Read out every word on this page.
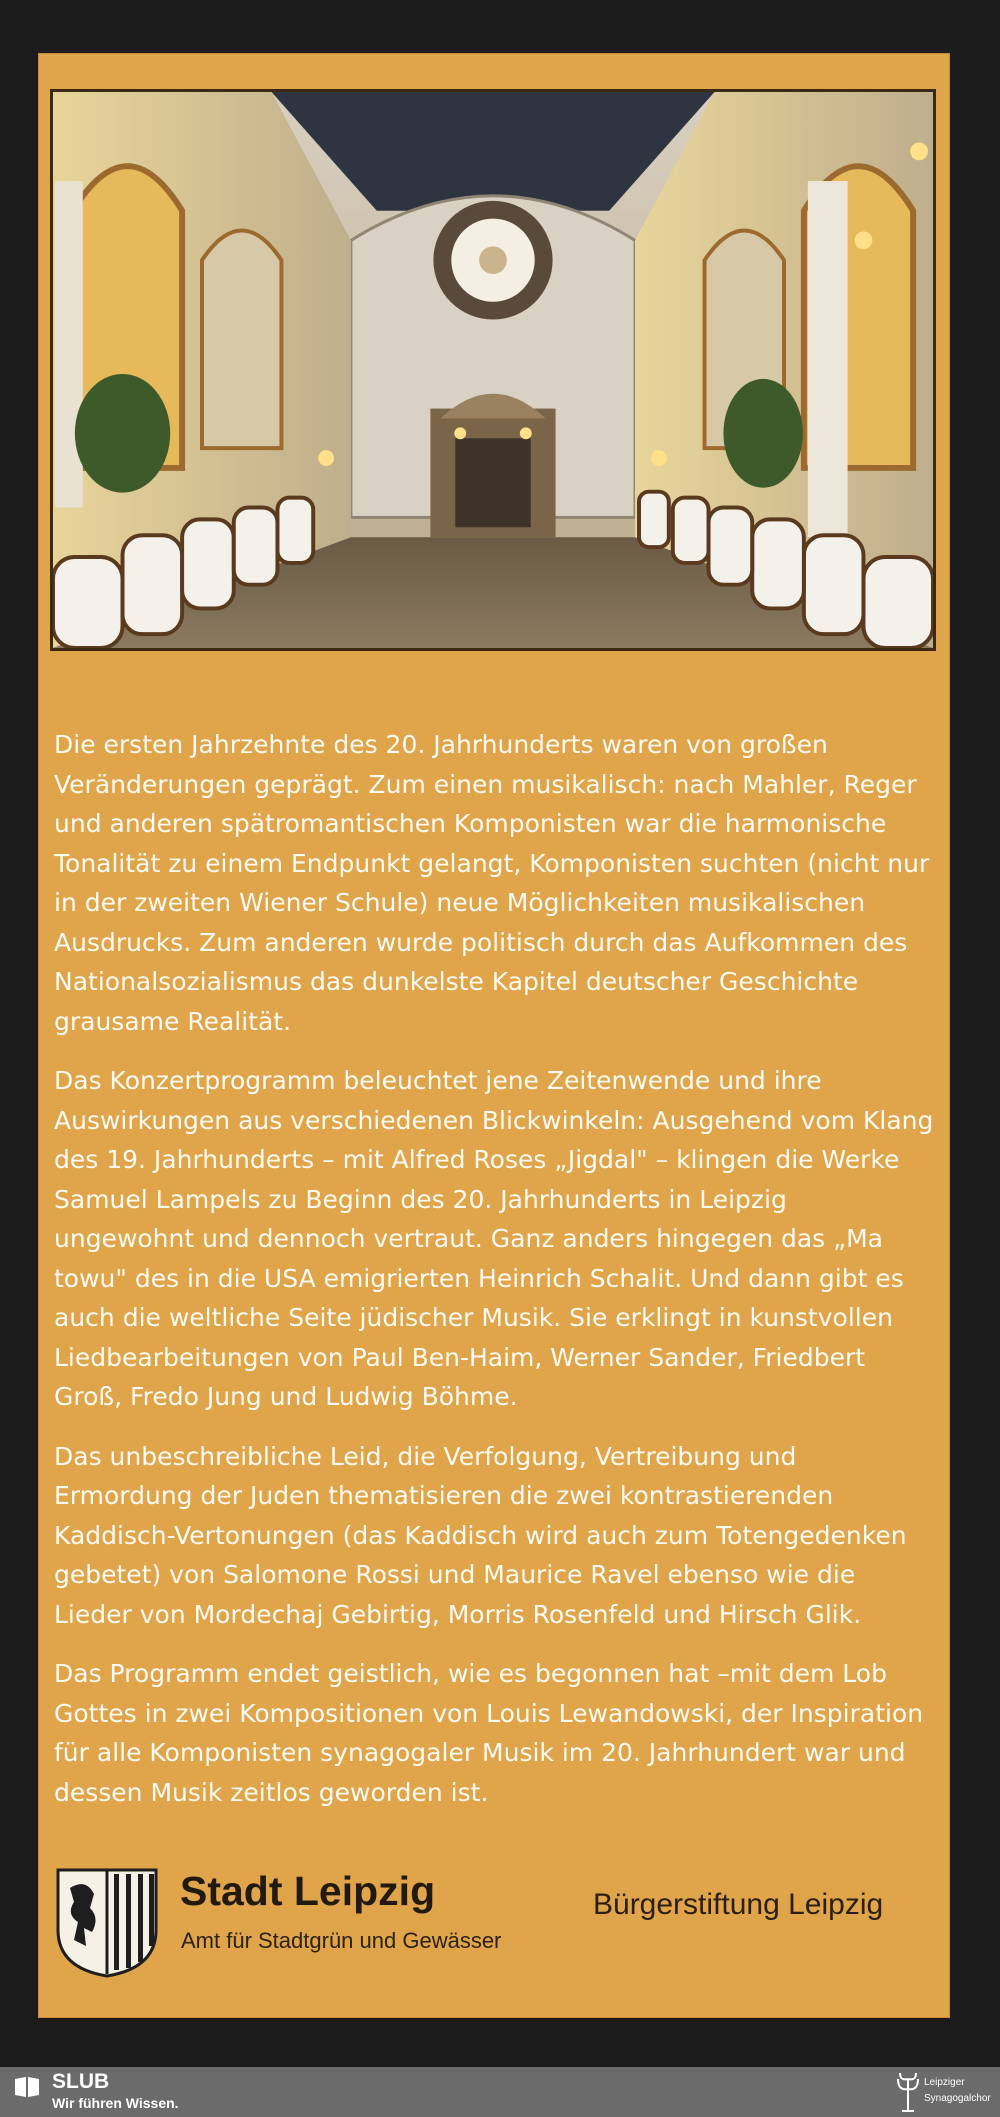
Die ersten Jahrzehnte des 20. Jahrhunderts waren von großen Veränderungen geprägt. Zum einen musikalisch: nach Mahler, Reger und anderen spätromantischen Komponisten war die harmonische Tonalität zu einem Endpunkt gelangt, Komponisten suchten (nicht nur in der zweiten Wiener Schule) neue Möglichkeiten musikalischen Ausdrucks. Zum anderen wurde politisch durch das Aufkommen des Nationalsozialismus das dunkelste Kapitel deutscher Geschichte grausame Realität.

Das Konzertprogramm beleuchtet jene Zeitenwende und ihre Auswirkungen aus verschiedenen Blickwinkeln: Ausgehend vom Klang des 19. Jahrhunderts – mit Alfred Roses „Jigdal" – klingen die Werke Samuel Lampels zu Beginn des 20. Jahrhunderts in Leipzig ungewohnt und dennoch vertraut. Ganz anders hingegen das „Ma towu" des in die USA emigrierten Heinrich Schalit. Und dann gibt es auch die weltliche Seite jüdischer Musik. Sie erklingt in kunstvollen Liedbearbeitungen von Paul Ben-Haim, Werner Sander, Friedbert Groß, Fredo Jung und Ludwig Böhme.

Das unbeschreibliche Leid, die Verfolgung, Vertreibung und Ermordung der Juden thematisieren die zwei kontrastierenden Kaddisch-Vertonungen (das Kaddisch wird auch zum Totengedenken gebetet) von Salomone Rossi und Maurice Ravel ebenso wie die Lieder von Mordechaj Gebirtig, Morris Rosenfeld und Hirsch Glik.

Das Programm endet geistlich, wie es begonnen hat –mit dem Lob Gottes in zwei Kompositionen von Louis Lewandowski, der Inspiration für alle Komponisten synagogaler Musik im 20. Jahrhundert war und dessen Musik zeitlos geworden ist.

Stadt Leipzig
Amt für Stadtgrün und Gewässer
Bürgerstiftung Leipzig
SLUB
Wir führen Wissen.
Leipziger
Synagogalchor
